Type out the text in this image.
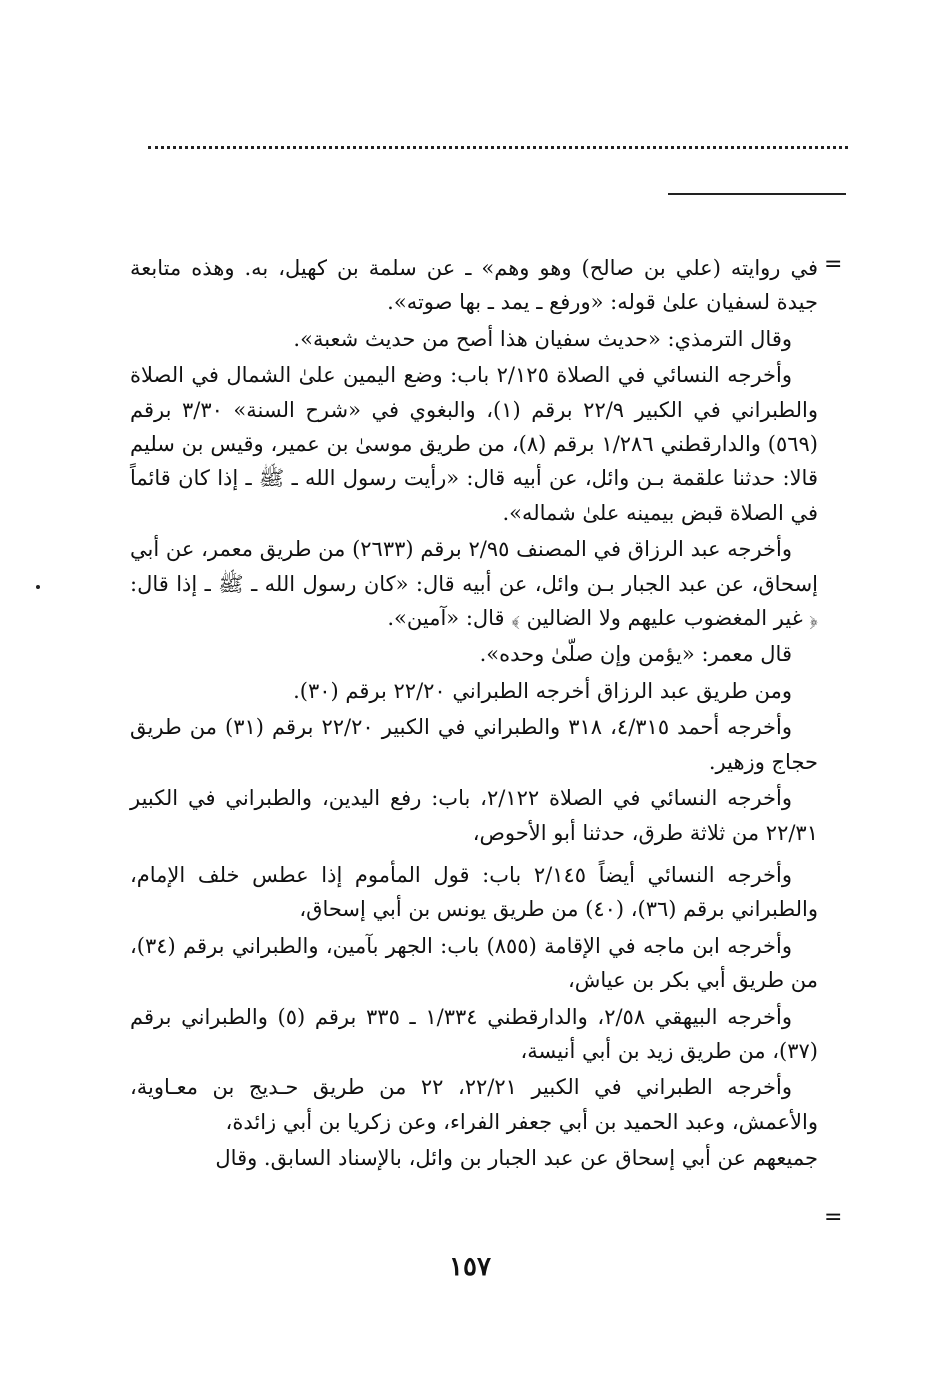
=

في روايته (علي بن صالح) وهو وهم» ـ عن سلمة بن كهيل، به. وهذه متابعة جيدة لسفيان علىٰ قوله: «ورفع ـ يمد ـ بها صوته».

وقال الترمذي: «حديث سفيان هذا أصح من حديث شعبة».

وأخرجه النسائي في الصلاة ٢/١٢٥ باب: وضع اليمين علىٰ الشمال في الصلاة والطبراني في الكبير ٢٢/٩ برقم (١)، والبغوي في «شرح السنة» ٣/٣٠ برقم (٥٦٩) والدارقطني ١/٢٨٦ برقم (٨)، من طريق موسىٰ بن عمير، وقيس بن سليم قالا: حدثنا علقمة بـن وائل، عن أبيه قال: «رأيت رسول الله ـ ﷺ ـ إذا كان قائماً في الصلاة قبض بيمينه علىٰ شماله».

وأخرجه عبد الرزاق في المصنف ٢/٩٥ برقم (٢٦٣٣) من طريق معمر، عن أبي إسحاق، عن عبد الجبار بـن وائل، عن أبيه قال: «كان رسول الله ـ ﷺ ـ إذا قال: ﴿ غير المغضوب عليهم ولا الضالين ﴾ قال: «آمين».

قال معمر: «يؤمن وإن صلّىٰ وحده».

ومن طريق عبد الرزاق أخرجه الطبراني ٢٢/٢٠ برقم (٣٠).

وأخرجه أحمد ٤/٣١٥، ٣١٨ والطبراني في الكبير ٢٢/٢٠ برقم (٣١) من طريق حجاج وزهير.

وأخرجه النسائي في الصلاة ٢/١٢٢، باب: رفع اليدين، والطبراني في الكبير ٢٢/٣١ من ثلاثة طرق، حدثنا أبو الأحوص،

وأخرجه النسائي أيضاً ٢/١٤٥ باب: قول المأموم إذا عطس خلف الإمام، والطبراني برقم (٣٦)، (٤٠) من طريق يونس بن أبي إسحاق،

وأخرجه ابن ماجه في الإقامة (٨٥٥) باب: الجهر بآمين، والطبراني برقم (٣٤)، من طريق أبي بكر بن عياش،

وأخرجه البيهقي ٢/٥٨، والدارقطني ١/٣٣٤ ـ ٣٣٥ برقم (٥) والطبراني برقم (٣٧)، من طريق زيد بن أبي أنيسة،

وأخرجه الطبراني في الكبير ٢٢/٢١، ٢٢ من طريق حـديج بن معـاوية، والأعمش، وعبد الحميد بن أبي جعفر الفراء، وعن زكريا بن أبي زائدة،

جميعهم عن أبي إسحاق عن عبد الجبار بن وائل، بالإسناد السابق. وقال

=
١٥٧
